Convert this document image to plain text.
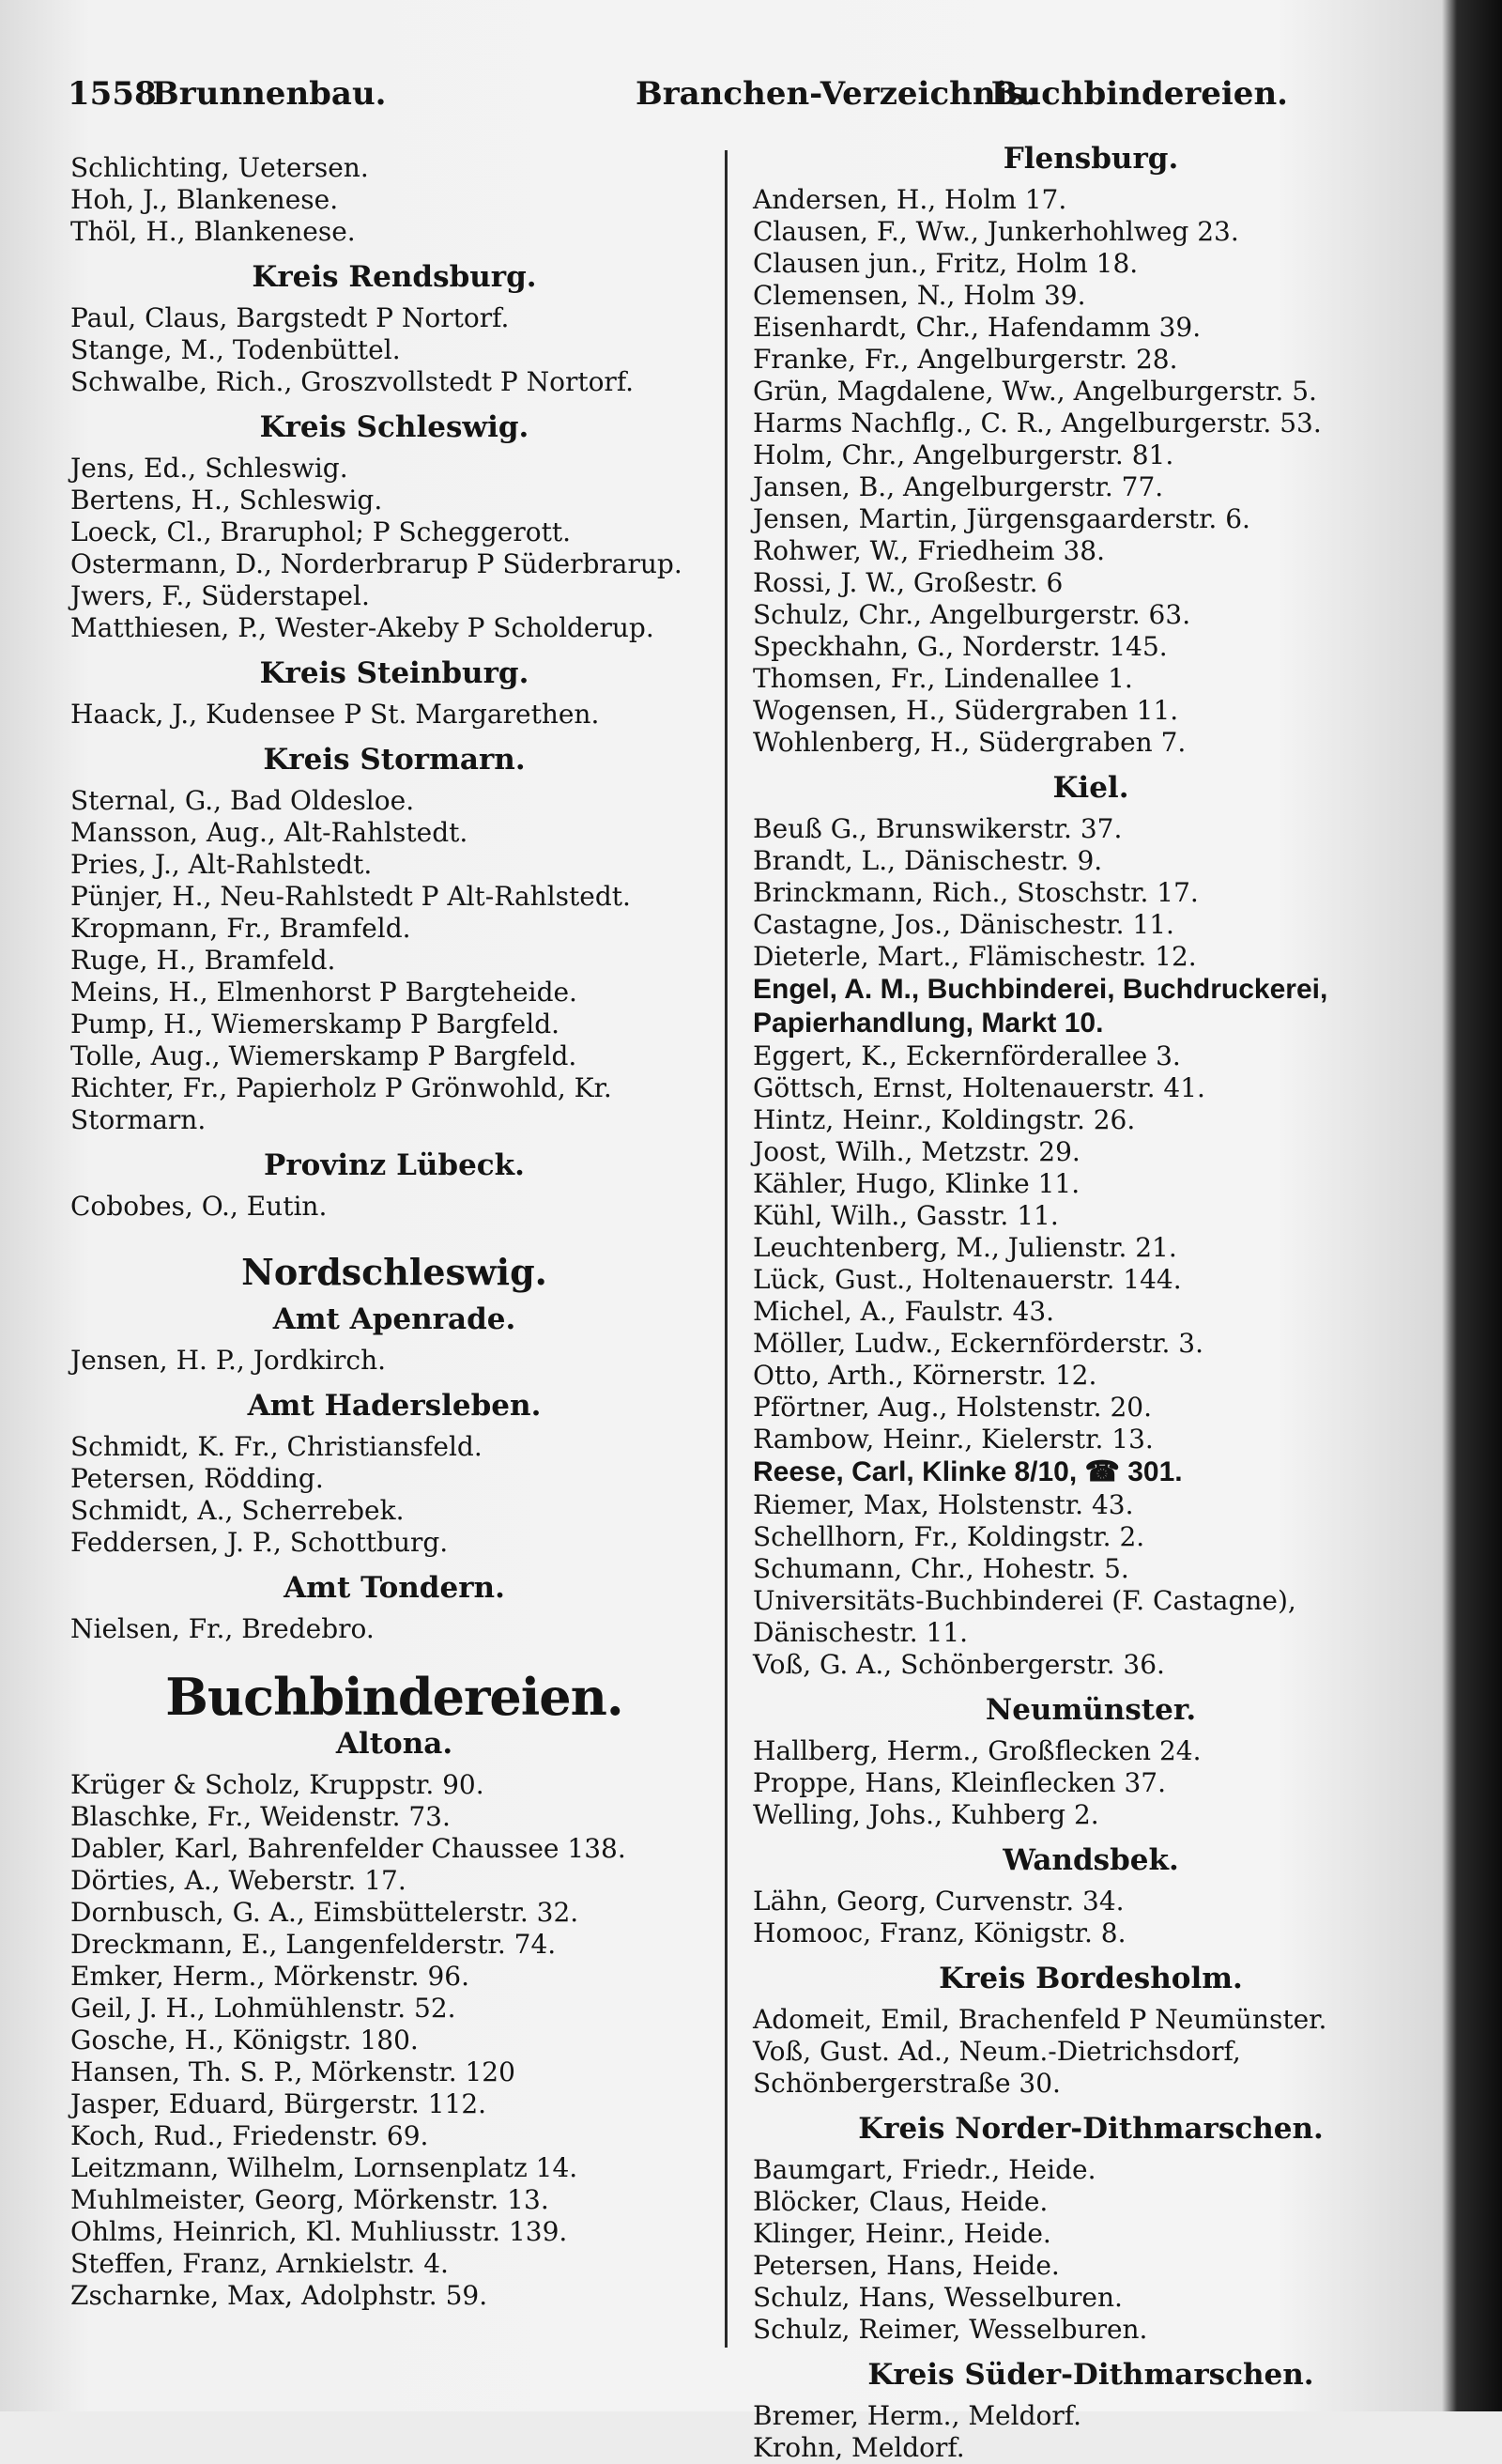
1558
Brunnenbau.	Branchen-Verzeichnis.
Buchbindereien.
Schlichting, Uetersen.
Hoh, J., Blankenese.
Thöl, H., Blankenese.
Kreis Rendsburg.
Paul, Claus, Bargstedt P Nortorf.
Stange, M., Todenbüttel.
Schwalbe, Rich., Groszvollstedt P Nortorf.
Kreis Schleswig.
Jens, Ed., Schleswig.
Bertens, H., Schleswig.
Loeck, Cl., Braruphol; P Scheggerott.
Ostermann, D., Norderbrarup P Süderbrarup.
Jwers, F., Süderstapel.
Matthiesen, P., Wester-Akeby P Scholderup.
Kreis Steinburg.
Haack, J., Kudensee P St. Margarethen.
Kreis Stormarn.
Sternal, G., Bad Oldesloe.
Mansson, Aug., Alt-Rahlstedt.
Pries, J., Alt-Rahlstedt.
Pünjer, H., Neu-Rahlstedt P Alt-Rahlstedt.
Kropmann, Fr., Bramfeld.
Ruge, H., Bramfeld.
Meins, H., Elmenhorst P Bargteheide.
Pump, H., Wiemerskamp P Bargfeld.
Tolle, Aug., Wiemerskamp P Bargfeld.
Richter, Fr., Papierholz P Grönwohld, Kr. Stormarn.
Provinz Lübeck.
Cobobes, O., Eutin.
Nordschleswig.
Amt Apenrade.
Jensen, H. P., Jordkirch.
Amt Hadersleben.
Schmidt, K. Fr., Christiansfeld.
Petersen, Rödding.
Schmidt, A., Scherrebek.
Feddersen, J. P., Schottburg.
Amt Tondern.
Nielsen, Fr., Bredebro.
Buchbindereien.
Altona.
Krüger & Scholz, Kruppstr. 90.
Blaschke, Fr., Weidenstr. 73.
Dabler, Karl, Bahrenfelder Chaussee 138.
Dörties, A., Weberstr. 17.
Dornbusch, G. A., Eimsbüttelerstr. 32.
Dreckmann, E., Langenfelderstr. 74.
Emker, Herm., Mörkenstr. 96.
Geil, J. H., Lohmühlenstr. 52.
Gosche, H., Königstr. 180.
Hansen, Th. S. P., Mörkenstr. 120
Jasper, Eduard, Bürgerstr. 112.
Koch, Rud., Friedenstr. 69.
Leitzmann, Wilhelm, Lornsenplatz 14.
Muhlmeister, Georg, Mörkenstr. 13.
Ohlms, Heinrich, Kl. Muhliusstr. 139.
Steffen, Franz, Arnkielstr. 4.
Zscharnke, Max, Adolphstr. 59.
Flensburg.
Andersen, H., Holm 17.
Clausen, F., Ww., Junkerhohlweg 23.
Clausen jun., Fritz, Holm 18.
Clemensen, N., Holm 39.
Eisenhardt, Chr., Hafendamm 39.
Franke, Fr., Angelburgerstr. 28.
Grün, Magdalene, Ww., Angelburgerstr. 5.
Harms Nachflg., C. R., Angelburgerstr. 53.
Holm, Chr., Angelburgerstr. 81.
Jansen, B., Angelburgerstr. 77.
Jensen, Martin, Jürgensgaarderstr. 6.
Rohwer, W., Friedheim 38.
Rossi, J. W., Großestr. 6
Schulz, Chr., Angelburgerstr. 63.
Speckhahn, G., Norderstr. 145.
Thomsen, Fr., Lindenallee 1.
Wogensen, H., Südergraben 11.
Wohlenberg, H., Südergraben 7.
Kiel.
Beuß G., Brunswikerstr. 37.
Brandt, L., Dänischestr. 9.
Brinckmann, Rich., Stoschstr. 17.
Castagne, Jos., Dänischestr. 11.
Dieterle, Mart., Flämischestr. 12.
Engel, A. M., Buchbinderei, Buchdruckerei, Papierhandlung, Markt 10.
Eggert, K., Eckernförderallee 3.
Göttsch, Ernst, Holtenauerstr. 41.
Hintz, Heinr., Koldingstr. 26.
Joost, Wilh., Metzstr. 29.
Kähler, Hugo, Klinke 11.
Kühl, Wilh., Gasstr. 11.
Leuchtenberg, M., Julienstr. 21.
Lück, Gust., Holtenauerstr. 144.
Michel, A., Faulstr. 43.
Möller, Ludw., Eckernförderstr. 3.
Otto, Arth., Körnerstr. 12.
Pförtner, Aug., Holstenstr. 20.
Rambow, Heinr., Kielerstr. 13.
Reese, Carl, Klinke 8/10, ☎ 301.
Riemer, Max, Holstenstr. 43.
Schellhorn, Fr., Koldingstr. 2.
Schumann, Chr., Hohestr. 5.
Universitäts-Buchbinderei (F. Castagne), Dänischestr. 11.
Voß, G. A., Schönbergerstr. 36.
Neumünster.
Hallberg, Herm., Großflecken 24.
Proppe, Hans, Kleinflecken 37.
Welling, Johs., Kuhberg 2.
Wandsbek.
Lähn, Georg, Curvenstr. 34.
Homooc, Franz, Königstr. 8.
Kreis Bordesholm.
Adomeit, Emil, Brachenfeld P Neumünster.
Voß, Gust. Ad., Neum.-Dietrichsdorf, Schönbergerstraße 30.
Kreis Norder-Dithmarschen.
Baumgart, Friedr., Heide.
Blöcker, Claus, Heide.
Klinger, Heinr., Heide.
Petersen, Hans, Heide.
Schulz, Hans, Wesselburen.
Schulz, Reimer, Wesselburen.
Kreis Süder-Dithmarschen.
Bremer, Herm., Meldorf.
Krohn, Meldorf.
